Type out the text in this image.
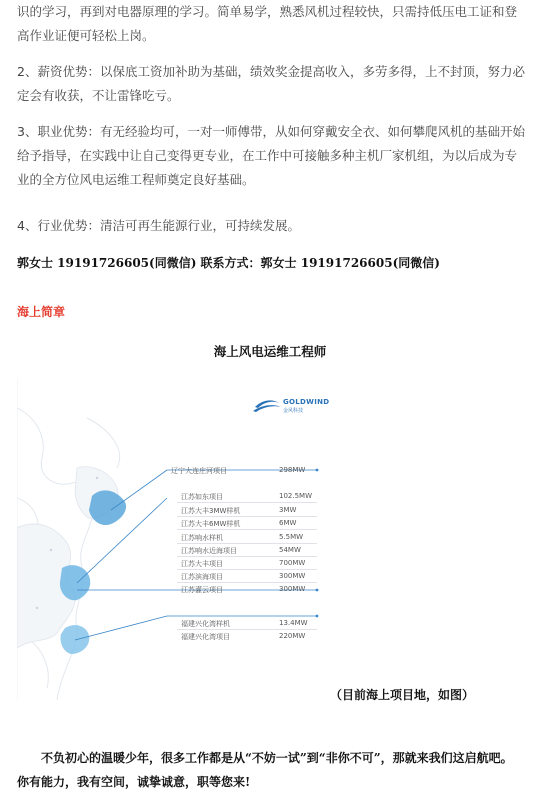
识的学习，再到对电器原理的学习。简单易学，熟悉风机过程较快，只需持低压电工证和登高作业证便可轻松上岗。
2、薪资优势：以保底工资加补助为基础，绩效奖金提高收入，多劳多得，上不封顶，努力必定会有收获，不让雷锋吃亏。
3、职业优势：有无经验均可，一对一师傅带，从如何穿戴安全衣、如何攀爬风机的基础开始给予指导，在实践中让自己变得更专业，在工作中可接触多种主机厂家机组，为以后成为专业的全方位风电运维工程师奠定良好基础。
4、行业优势：清洁可再生能源行业，可持续发展。
郭女士 19191726605(同微信) 联系方式：郭女士 19191726605(同微信)
海上简章
海上风电运维工程师
GOLDWIND
金风科技
辽宁大连庄河项目	298MW
江苏如东项目	102.5MW
江苏大丰3MW样机	3MW
江苏大丰6MW样机	6MW
江苏响水样机	5.5MW
江苏响水近海项目	54MW
江苏大丰项目	700MW
江苏滨海项目	300MW
江苏灌云项目	300MW
福建兴化湾样机	13.4MW
福建兴化湾项目	220MW
（目前海上项目地，如图）
不负初心的温暖少年，很多工作都是从“不妨一试”到“非你不可”，那就来我们这启航吧。
你有能力，我有空间，诚挚诚意，职等您来!
